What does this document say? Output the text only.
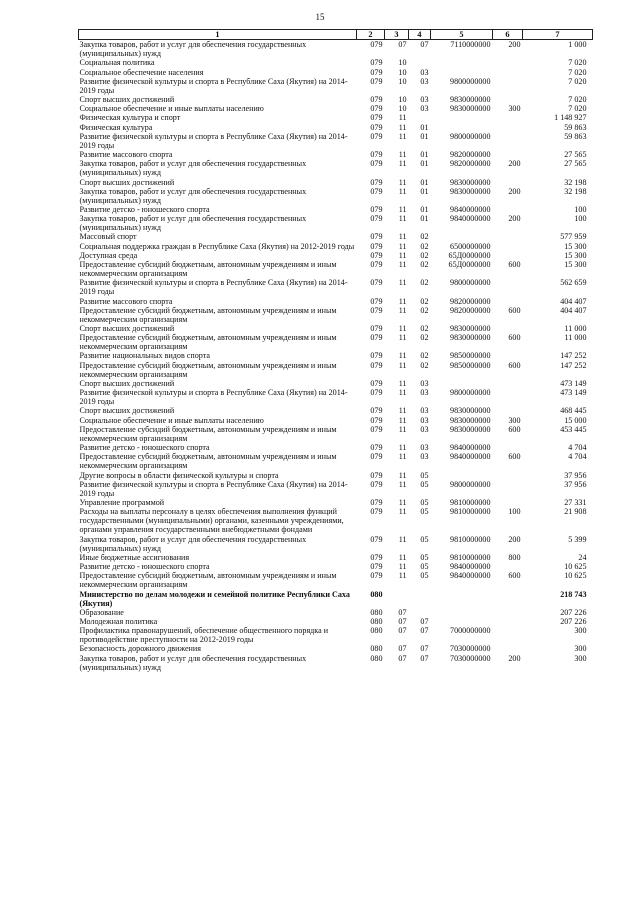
15
1	2	3	4	5	6	7
Закупка товаров, работ и услуг для обеспечения государственных (муниципальных) нужд	079	07	07	7110000000	200	1 000
Социальная политика	079	10				7 020
Социальное обеспечение населения	079	10	03			7 020
Развитие физической культуры и спорта в Республике Саха (Якутия) на 2014-2019 годы	079	10	03	9800000000		7 020
Спорт высших достижений	079	10	03	9830000000		7 020
Социальное обеспечение и иные выплаты населению	079	10	03	9830000000	300	7 020
Физическая культура и спорт	079	11				1 148 927
Физическая культура	079	11	01			59 863
Развитие физической культуры и спорта в Республике Саха (Якутия) на 2014-2019 годы	079	11	01	9800000000		59 863
Развитие массового спорта	079	11	01	9820000000		27 565
Закупка товаров, работ и услуг для обеспечения государственных (муниципальных) нужд	079	11	01	9820000000	200	27 565
Спорт высших достижений	079	11	01	9830000000		32 198
Закупка товаров, работ и услуг для обеспечения государственных (муниципальных) нужд	079	11	01	9830000000	200	32 198
Развитие детско - юношеского спорта	079	11	01	9840000000		100
Закупка товаров, работ и услуг для обеспечения государственных (муниципальных) нужд	079	11	01	9840000000	200	100
Массовый спорт	079	11	02			577 959
Социальная поддержка граждан в Республике Саха (Якутия) на 2012-2019 годы	079	11	02	6500000000		15 300
Доступная среда	079	11	02	65Д0000000		15 300
Предоставление субсидий бюджетным, автономным учреждениям и иным некоммерческим организациям	079	11	02	65Д0000000	600	15 300
Развитие физической культуры и спорта в Республике Саха (Якутия) на 2014-2019 годы	079	11	02	9800000000		562 659
Развитие массового спорта	079	11	02	9820000000		404 407
Предоставление субсидий бюджетным, автономным учреждениям и иным некоммерческим организациям	079	11	02	9820000000	600	404 407
Спорт высших достижений	079	11	02	9830000000		11 000
Предоставление субсидий бюджетным, автономным учреждениям и иным некоммерческим организациям	079	11	02	9830000000	600	11 000
Развитие национальных видов спорта	079	11	02	9850000000		147 252
Предоставление субсидий бюджетным, автономным учреждениям и иным некоммерческим организациям	079	11	02	9850000000	600	147 252
Спорт высших достижений	079	11	03			473 149
Развитие физической культуры и спорта в Республике Саха (Якутия) на 2014-2019 годы	079	11	03	9800000000		473 149
Спорт высших достижений	079	11	03	9830000000		468 445
Социальное обеспечение и иные выплаты населению	079	11	03	9830000000	300	15 000
Предоставление субсидий бюджетным, автономным учреждениям и иным некоммерческим организациям	079	11	03	9830000000	600	453 445
Развитие детско - юношеского спорта	079	11	03	9840000000		4 704
Предоставление субсидий бюджетным, автономным учреждениям и иным некоммерческим организациям	079	11	03	9840000000	600	4 704
Другие вопросы в области физической культуры и спорта	079	11	05			37 956
Развитие физической культуры и спорта в Республике Саха (Якутия) на 2014-2019 годы	079	11	05	9800000000		37 956
Управление программой	079	11	05	9810000000		27 331
Расходы на выплаты персоналу в целях обеспечения выполнения функций государственными (муниципальными) органами, казенными учреждениями, органами управления государственными внебюджетными фондами	079	11	05	9810000000	100	21 908
Закупка товаров, работ и услуг для обеспечения государственных (муниципальных) нужд	079	11	05	9810000000	200	5 399
Иные бюджетные ассигнования	079	11	05	9810000000	800	24
Развитие детско - юношеского спорта	079	11	05	9840000000		10 625
Предоставление субсидий бюджетным, автономным учреждениям и иным некоммерческим организациям	079	11	05	9840000000	600	10 625
Министерство по делам молодежи и семейной политике Республики Саха (Якутия)	080					218 743
Образование	080	07				207 226
Молодежная политика	080	07	07			207 226
Профилактика правонарушений, обеспечение общественного порядка и противодействие преступности на 2012-2019 годы	080	07	07	7000000000		300
Безопасность дорожного движения	080	07	07	7030000000		300
Закупка товаров, работ и услуг для обеспечения государственных (муниципальных) нужд	080	07	07	7030000000	200	300
